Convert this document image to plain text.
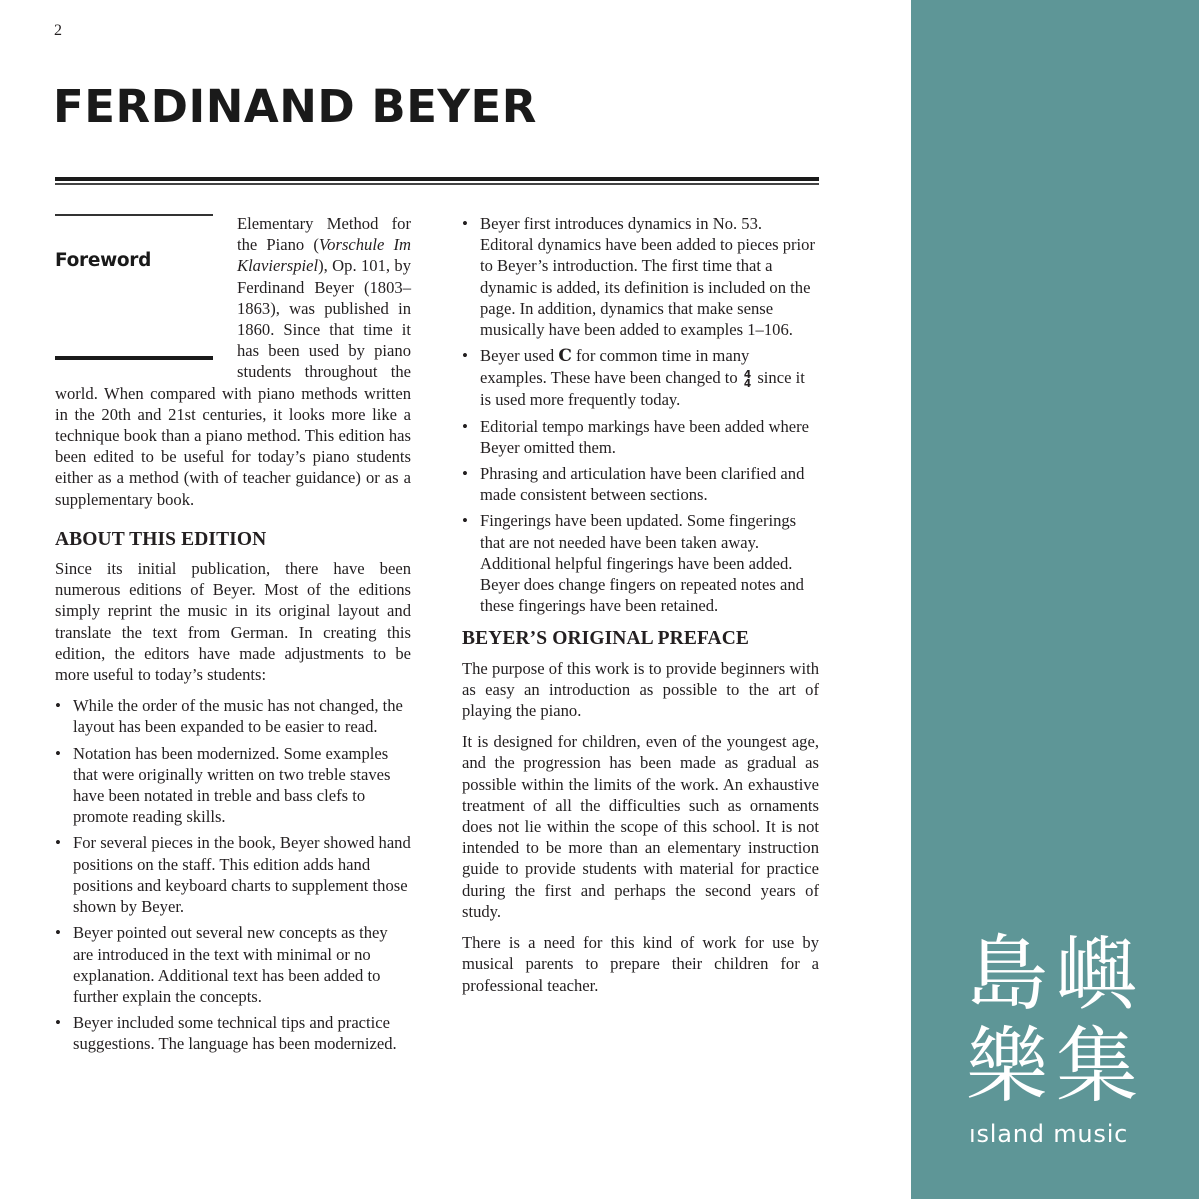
2
FERDINAND BEYER
Foreword

Elementary Method for the Piano (Vorschule Im Klavierspiel), Op. 101, by Ferdinand Beyer (1803–1863), was published in 1860. Since that time it has been used by piano students throughout the world. When compared with piano methods written in the 20th and 21st centuries, it looks more like a technique book than a piano method. This edition has been edited to be useful for today’s piano students either as a method (with of teacher guidance) or as a supplementary book.

ABOUT THIS EDITION

Since its initial publication, there have been numerous editions of Beyer. Most of the editions simply reprint the music in its original layout and translate the text from German. In creating this edition, the editors have made adjustments to be more useful to today’s students:

• While the order of the music has not changed, the layout has been expanded to be easier to read.
• Notation has been modernized. Some examples that were originally written on two treble staves have been notated in treble and bass clefs to promote reading skills.
• For several pieces in the book, Beyer showed hand positions on the staff. This edition adds hand positions and keyboard charts to supplement those shown by Beyer.
• Beyer pointed out several new concepts as they are introduced in the text with minimal or no explanation. Additional text has been added to further explain the concepts.
• Beyer included some technical tips and practice suggestions. The language has been modernized.
• Beyer first introduces dynamics in No. 53. Editoral dynamics have been added to pieces prior to Beyer’s introduction. The first time that a dynamic is added, its definition is included on the page. In addition, dynamics that make sense musically have been added to examples 1–106.
• Beyer used C for common time in many examples. These have been changed to 4
4 since it is used more frequently today.
• Editorial tempo markings have been added where Beyer omitted them.
• Phrasing and articulation have been clarified and made consistent between sections.
• Fingerings have been updated. Some fingerings that are not needed have been taken away. Additional helpful fingerings have been added. Beyer does change fingers on repeated notes and these fingerings have been retained.
BEYER’S ORIGINAL PREFACE

The purpose of this work is to provide beginners with as easy an introduction as possible to the art of playing the piano.

It is designed for children, even of the youngest age, and the progression has been made as gradual as possible within the limits of the work. An exhaustive treatment of all the difficulties such as ornaments does not lie within the scope of this school. It is not intended to be more than an elementary instruction guide to provide students with material for practice during the first and perhaps the second years of study.

There is a need for this kind of work for use by musical parents to prepare their children for a professional teacher.	島 嶼
樂 集
ısland music
